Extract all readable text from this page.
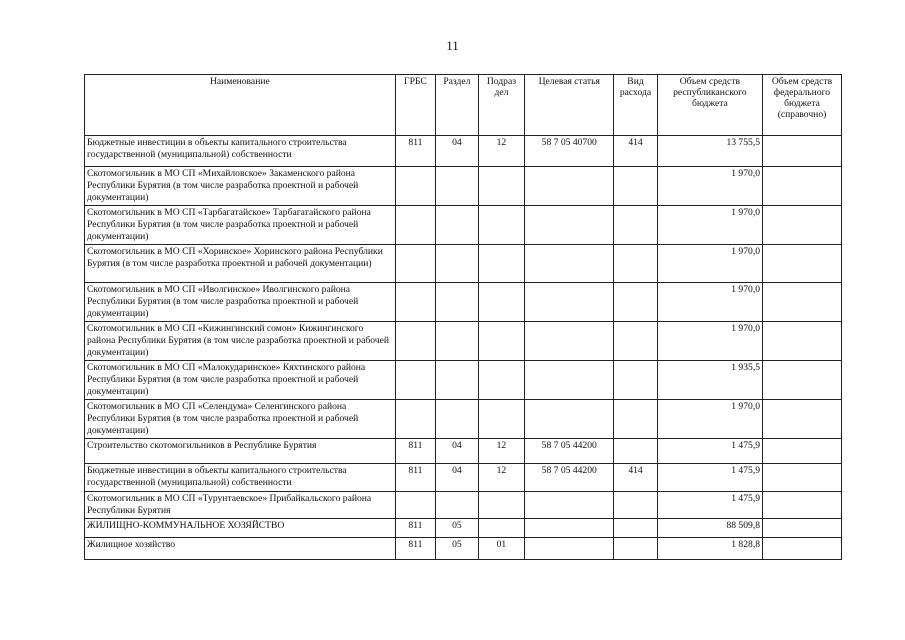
11
Наименование	ГРБС	Раздел	Подраз дел	Целевая статья	Вид расхода	Объем средств республиканского бюджета	Объем средств федерального бюджета (справочно)
Бюджетные инвестиции в объекты капитального строительства государственной (муниципальной) собственности	811	04	12	58 7 05 40700	414	13 755,5	
Скотомогильник в МО СП «Михайловское» Закаменского района Республики Бурятия (в том числе разработка проектной и рабочей документации)						1 970,0	
Скотомогильник в МО СП «Тарбагатайское» Тарбагатайского района Республики Бурятия (в том числе разработка проектной и рабочей документации)						1 970,0	
Скотомогильник в МО СП «Хоринское» Хоринского района Республики Бурятия (в том числе разработка проектной и рабочей документации)						1 970,0	
Скотомогильник в МО СП «Иволгинское» Иволгинского района Республики Бурятия (в том числе разработка проектной и рабочей документации)						1 970,0	
Скотомогильник в МО СП «Кижингинский сомон» Кижингинского района Республики Бурятия (в том числе разработка проектной и рабочей документации)						1 970,0	
Скотомогильник в МО СП «Малокударинское» Кяхтинского района Республики Бурятия (в том числе разработка проектной и рабочей документации)						1 935,5	
Скотомогильник в МО СП «Селендума» Селенгинского района Республики Бурятия (в том числе разработка проектной и рабочей документации)						1 970,0	
Строительство скотомогильников в Республике Бурятия	811	04	12	58 7 05 44200		1 475,9	
Бюджетные инвестиции в объекты капитального строительства государственной (муниципальной) собственности	811	04	12	58 7 05 44200	414	1 475,9	
Скотомогильник в МО СП «Турунтаевское» Прибайкальского района Республики Бурятия						1 475,9	
ЖИЛИЩНО-КОММУНАЛЬНОЕ ХОЗЯЙСТВО	811	05				88 509,8	
Жилищное хозяйство	811	05	01			1 828,8	
